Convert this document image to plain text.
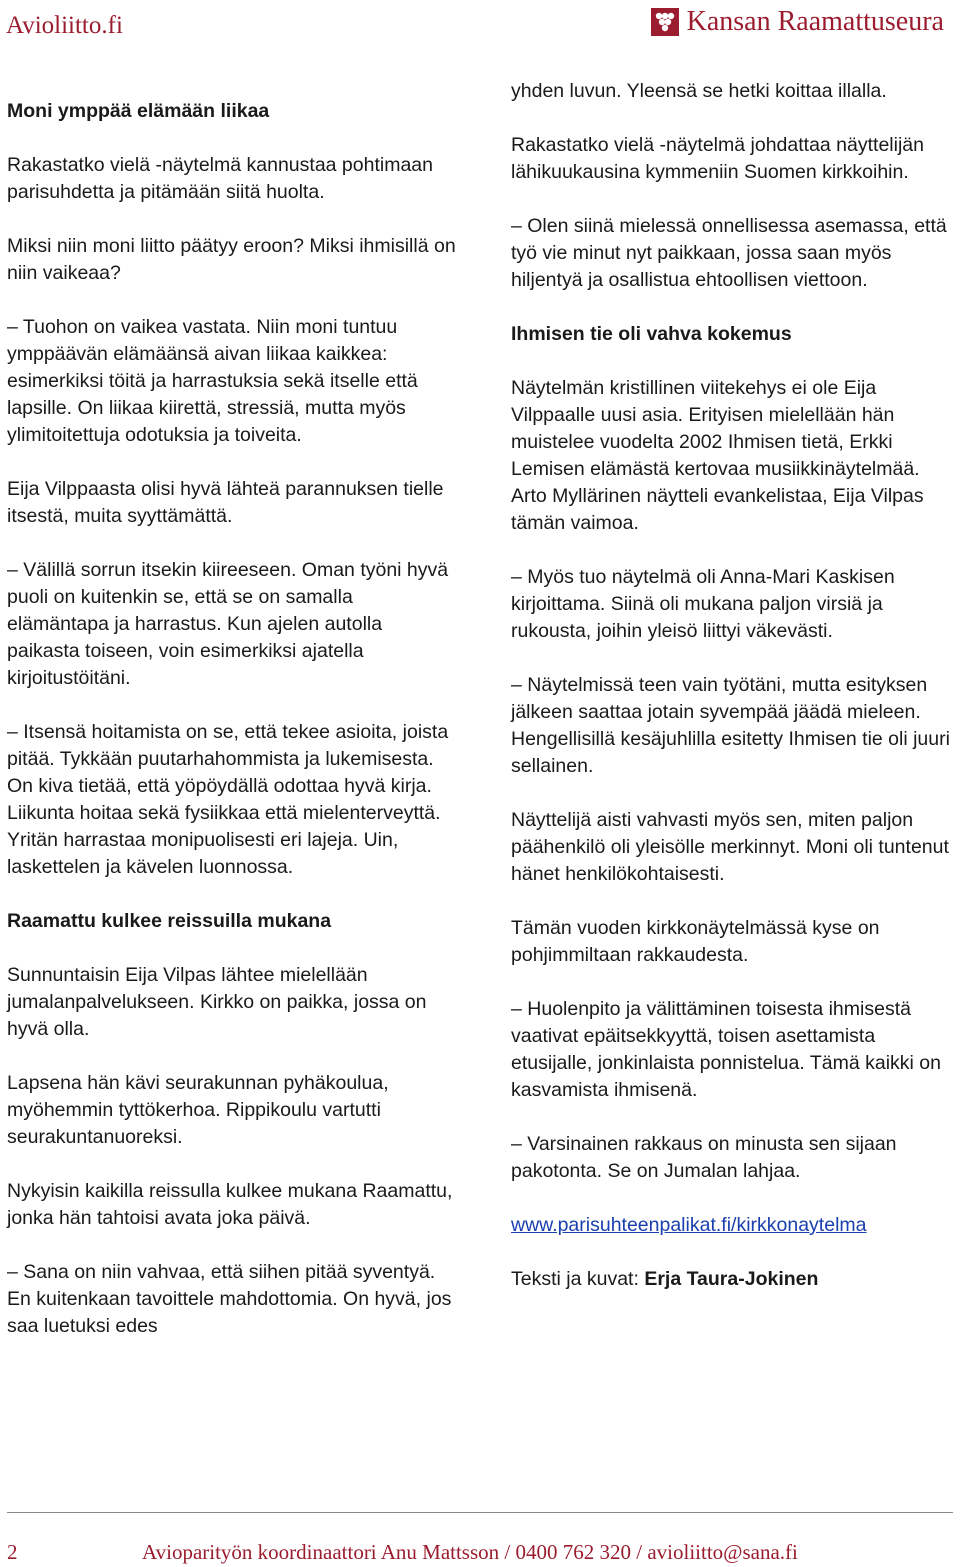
Avioliitto.fi	Kansan Raamattuseura
Moni ymppää elämään liikaa

Rakastatko vielä -näytelmä kannustaa pohtimaan parisuhdetta ja pitämään siitä huolta.

Miksi niin moni liitto päätyy eroon? Miksi ihmisillä on niin vaikeaa?

– Tuohon on vaikea vastata. Niin moni tuntuu ymppäävän elämäänsä aivan liikaa kaikkea: esimerkiksi töitä ja harrastuksia sekä itselle että lapsille. On liikaa kiirettä, stressiä, mutta myös ylimitoitettuja odotuksia ja toiveita.

Eija Vilppaasta olisi hyvä lähteä parannuksen tielle itsestä, muita syyttämättä.

– Välillä sorrun itsekin kiireeseen. Oman työni hyvä puoli on kuitenkin se, että se on samalla elämäntapa ja harrastus. Kun ajelen autolla paikasta toiseen, voin esimerkiksi ajatella kirjoitustöitäni.

– Itsensä hoitamista on se, että tekee asioita, joista pitää. Tykkään puutarhahommista ja lukemisesta. On kiva tietää, että yöpöydällä odottaa hyvä kirja. Liikunta hoitaa sekä fysiikkaa että mielenterveyttä. Yritän harrastaa monipuolisesti eri lajeja. Uin, laskettelen ja kävelen luonnossa.

Raamattu kulkee reissuilla mukana

Sunnuntaisin Eija Vilpas lähtee mielellään jumalanpalvelukseen. Kirkko on paikka, jossa on hyvä olla.

Lapsena hän kävi seurakunnan pyhäkoulua, myöhemmin tyttökerhoa. Rippikoulu vartutti seurakuntanuoreksi.

Nykyisin kaikilla reissulla kulkee mukana Raamattu, jonka hän tahtoisi avata joka päivä.

– Sana on niin vahvaa, että siihen pitää syventyä. En kuitenkaan tavoittele mahdottomia. On hyvä, jos saa luetuksi edes

yhden luvun. Yleensä se hetki koittaa illalla.

Rakastatko vielä -näytelmä johdattaa näyttelijän lähikuukausina kymmeniin Suomen kirkkoihin.

– Olen siinä mielessä onnellisessa asemassa, että työ vie minut nyt paikkaan, jossa saan myös hiljentyä ja osallistua ehtoollisen viettoon.

Ihmisen tie oli vahva kokemus

Näytelmän kristillinen viitekehys ei ole Eija Vilppaalle uusi asia. Erityisen mielellään hän muistelee vuodelta 2002 Ihmisen tietä, Erkki Lemisen elämästä kertovaa musiikkinäytelmää. Arto Myllärinen näytteli evankelistaa, Eija Vilpas tämän vaimoa.

– Myös tuo näytelmä oli Anna-Mari Kaskisen kirjoittama. Siinä oli mukana paljon virsiä ja rukousta, joihin yleisö liittyi väkevästi.

– Näytelmissä teen vain työtäni, mutta esityksen jälkeen saattaa jotain syvempää jäädä mieleen. Hengellisillä kesäjuhlilla esitetty Ihmisen tie oli juuri sellainen.

Näyttelijä aisti vahvasti myös sen, miten paljon päähenkilö oli yleisölle merkinnyt. Moni oli tuntenut hänet henkilökohtaisesti.

Tämän vuoden kirkkonäytelmässä kyse on pohjimmiltaan rakkaudesta.

– Huolenpito ja välittäminen toisesta ihmisestä vaativat epäitsekkyyttä, toisen asettamista etusijalle, jonkinlaista ponnistelua. Tämä kaikki on kasvamista ihmisenä.

– Varsinainen rakkaus on minusta sen sijaan pakotonta. Se on Jumalan lahjaa.

www.parisuhteenpalikat.fi/kirkkonaytelma

Teksti ja kuvat: Erja Taura-Jokinen

2	Avioparityön koordinaattori Anu Mattsson / 0400 762 320 / avioliitto@sana.fi
